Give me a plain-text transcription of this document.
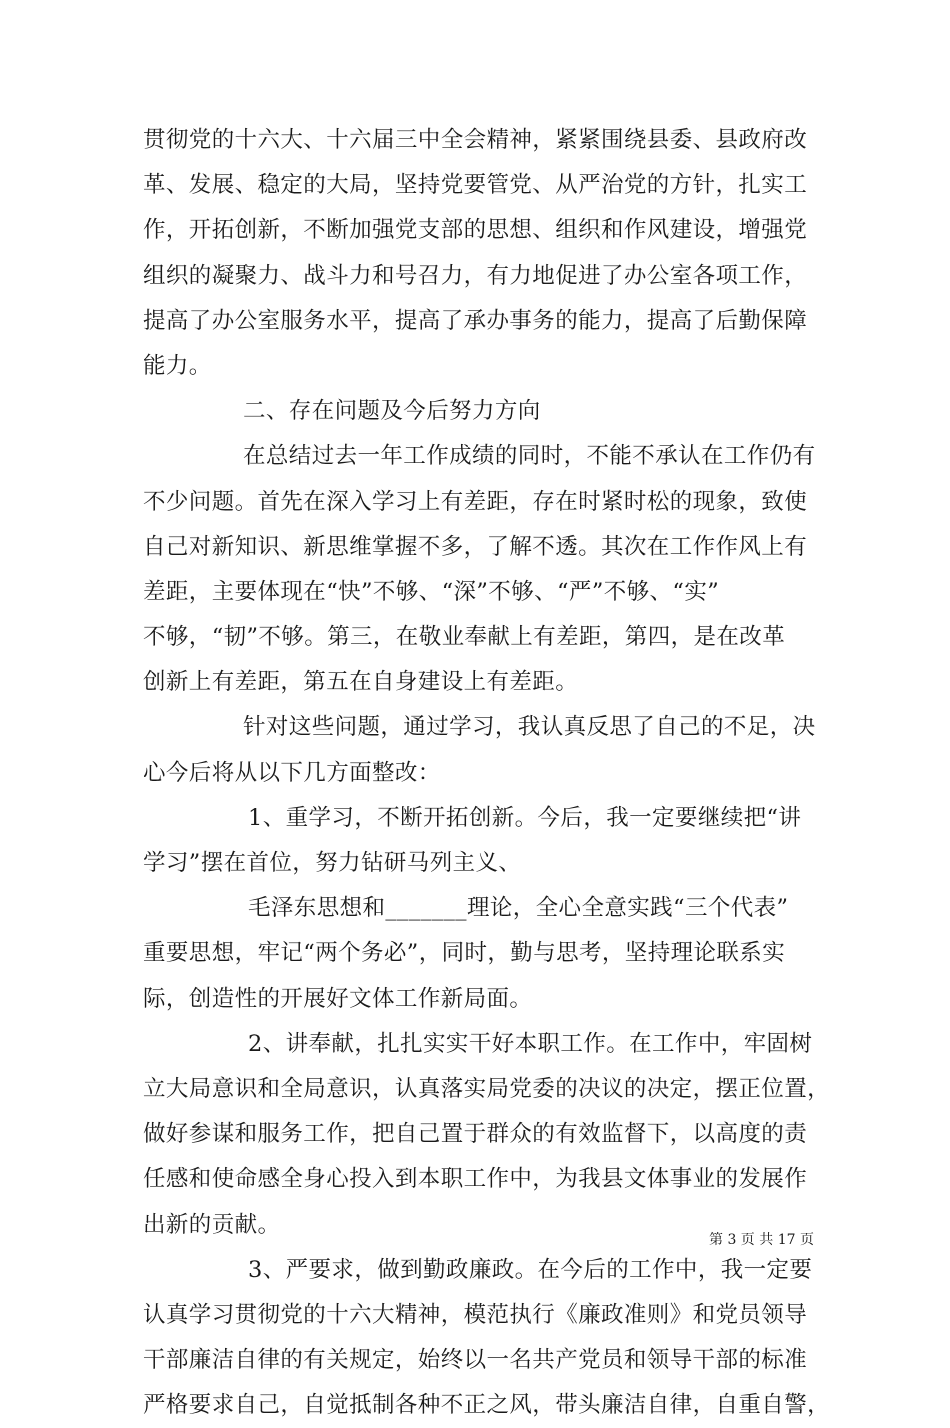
贯彻党的十六大、十六届三中全会精神，紧紧围绕县委、县政府改
革、发展、稳定的大局，坚持党要管党、从严治党的方针，扎实工
作，开拓创新，不断加强党支部的思想、组织和作风建设，增强党
组织的凝聚力、战斗力和号召力，有力地促进了办公室各项工作，
提高了办公室服务水平，提高了承办事务的能力，提高了后勤保障
能力。
二、存在问题及今后努力方向
在总结过去一年工作成绩的同时，不能不承认在工作仍有
不少问题。首先在深入学习上有差距，存在时紧时松的现象，致使
自己对新知识、新思维掌握不多，了解不透。其次在工作作风上有
差距，主要体现在“快”不够、“深”不够、“严”不够、“实”
不够，“韧”不够。第三，在敬业奉献上有差距，第四，是在改革
创新上有差距，第五在自身建设上有差距。
针对这些问题，通过学习，我认真反思了自己的不足，决
心今后将从以下几方面整改：
1、重学习，不断开拓创新。今后，我一定要继续把“讲
学习”摆在首位，努力钻研马列主义、
毛泽东思想和_______理论，全心全意实践“三个代表”
重要思想，牢记“两个务必”，同时，勤与思考，坚持理论联系实
际，创造性的开展好文体工作新局面。
2、讲奉献，扎扎实实干好本职工作。在工作中，牢固树
立大局意识和全局意识，认真落实局党委的决议的决定，摆正位置，
做好参谋和服务工作，把自己置于群众的有效监督下，以高度的责
任感和使命感全身心投入到本职工作中，为我县文体事业的发展作
出新的贡献。
3、严要求，做到勤政廉政。在今后的工作中，我一定要
认真学习贯彻党的十六大精神，模范执行《廉政准则》和党员领导
干部廉洁自律的有关规定，始终以一名共产党员和领导干部的标准
严格要求自己，自觉抵制各种不正之风，带头廉洁自律，自重自警，
第 3 页 共 17 页
